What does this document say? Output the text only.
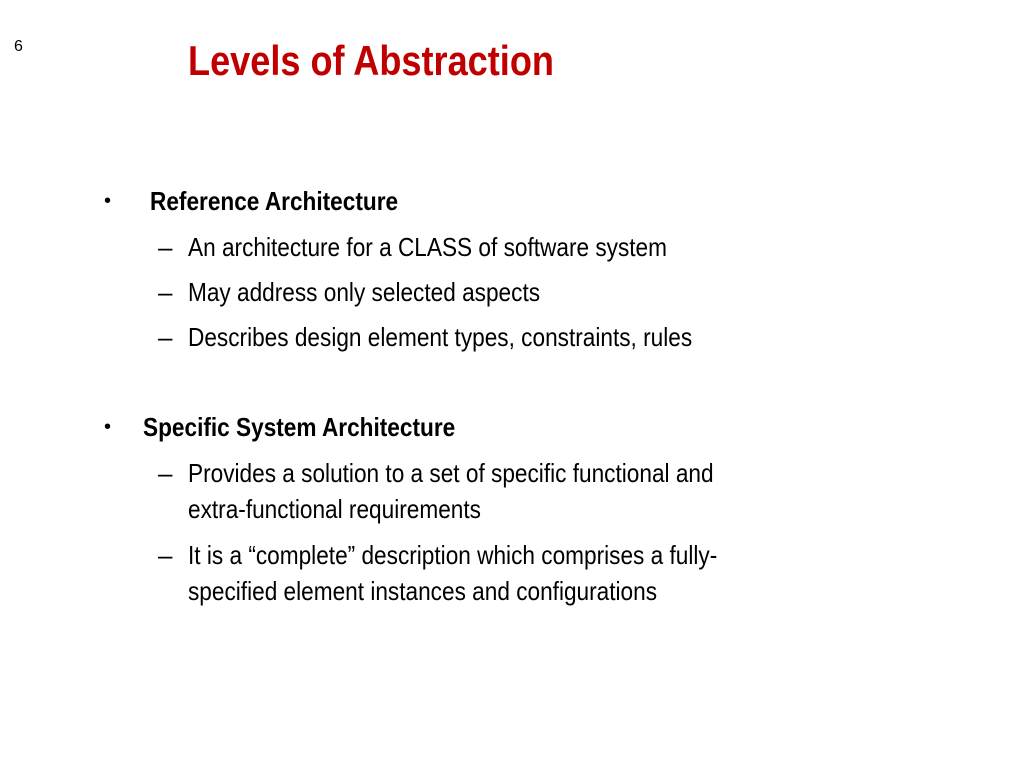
6	Levels of Abstraction
• Reference Architecture
– An architecture for a CLASS of software system
– May address only selected aspects
– Describes design element types, constraints, rules
• Specific System Architecture
– Provides a solution to a set of specific functional and
extra-functional requirements
– It is a “complete” description which comprises a fully-
specified element instances and configurations
